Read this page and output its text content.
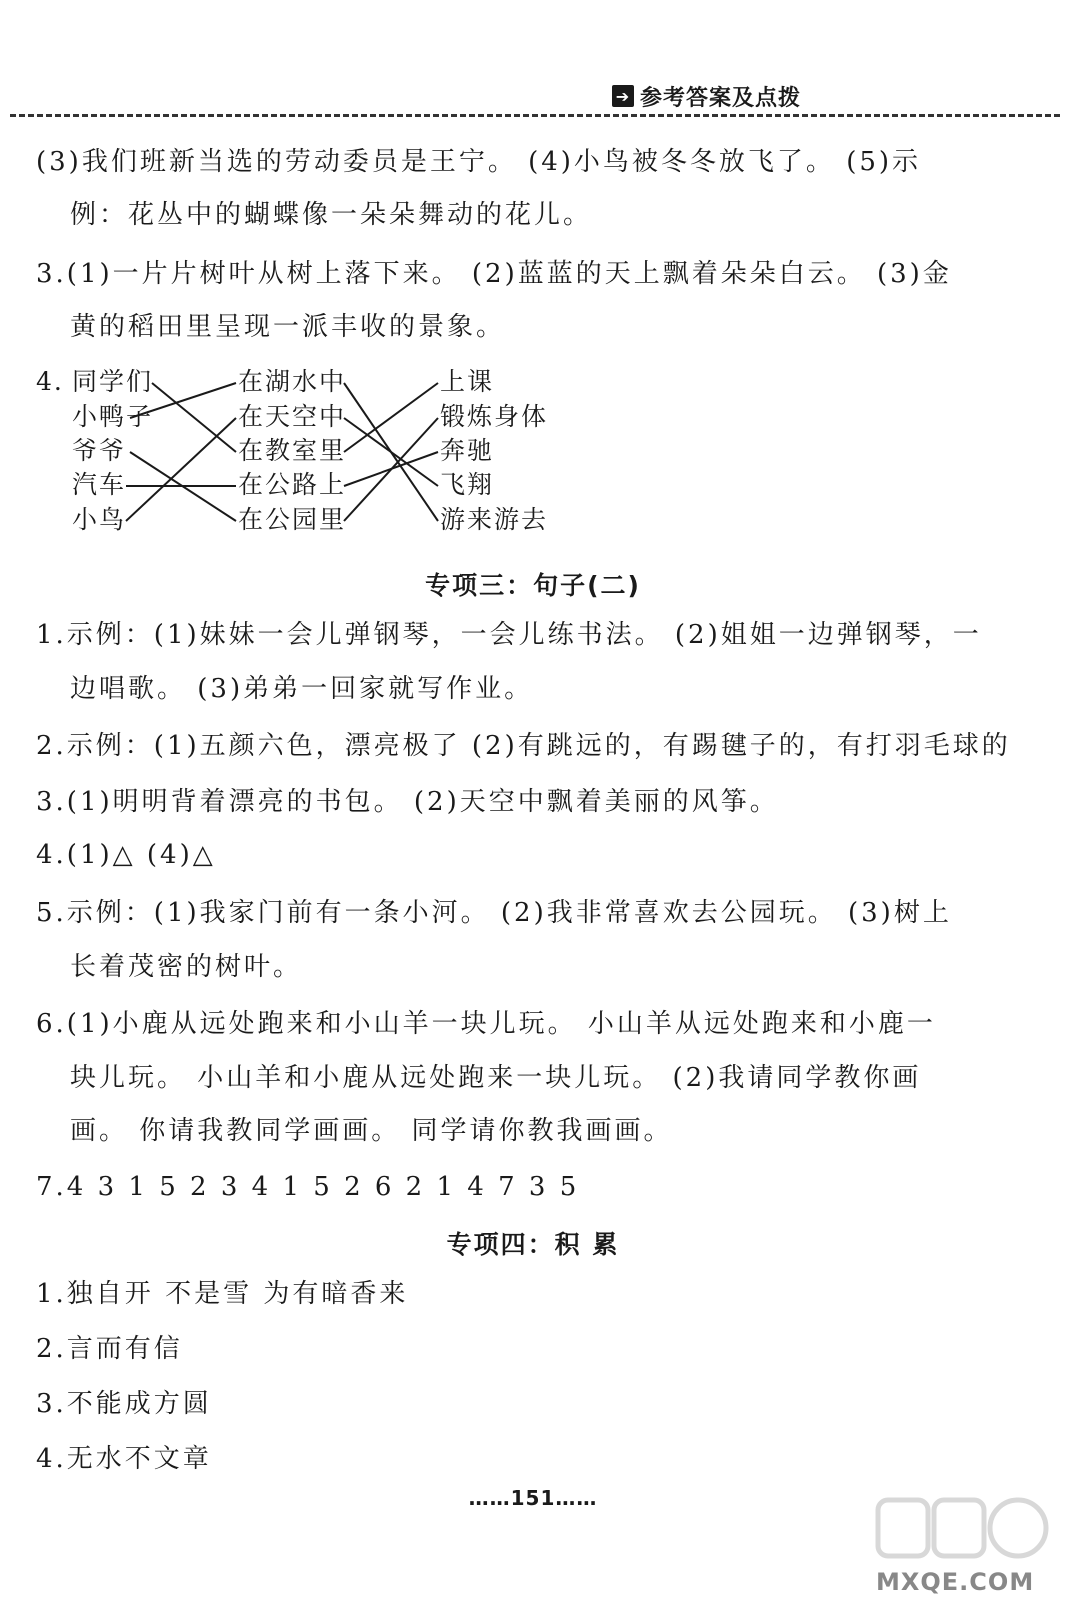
➔ 参考答案及点拨
(3)我们班新当选的劳动委员是王宁。 (4)小鸟被冬冬放飞了。 (5)示
例：花丛中的蝴蝶像一朵朵舞动的花儿。
3.(1)一片片树叶从树上落下来。 (2)蓝蓝的天上飘着朵朵白云。 (3)金
黄的稻田里呈现一派丰收的景象。
4. 同学们
小鸭子
爷爷
汽车
小鸟
在湖水中
在天空中
在教室里
在公路上
在公园里
上课
锻炼身体
奔驰
飞翔
游来游去
专项三：句子(二)
1.示例：(1)妹妹一会儿弹钢琴，一会儿练书法。 (2)姐姐一边弹钢琴，一
边唱歌。 (3)弟弟一回家就写作业。
2.示例：(1)五颜六色，漂亮极了 (2)有跳远的，有踢毽子的，有打羽毛球的
3.(1)明明背着漂亮的书包。 (2)天空中飘着美丽的风筝。
4.(1)△ (4)△
5.示例：(1)我家门前有一条小河。 (2)我非常喜欢去公园玩。 (3)树上
长着茂密的树叶。
6.(1)小鹿从远处跑来和小山羊一块儿玩。 小山羊从远处跑来和小鹿一
块儿玩。 小山羊和小鹿从远处跑来一块儿玩。 (2)我请同学教你画
画。 你请我教同学画画。 同学请你教我画画。
7.4 3 1 5 2 3 4 1 5 2 6 2 1 4 7 3 5
专项四：积 累
1.独自开 不是雪 为有暗香来
2.言而有信
3.不能成方圆
4.无水不文章
……151……
MXQE.COM
